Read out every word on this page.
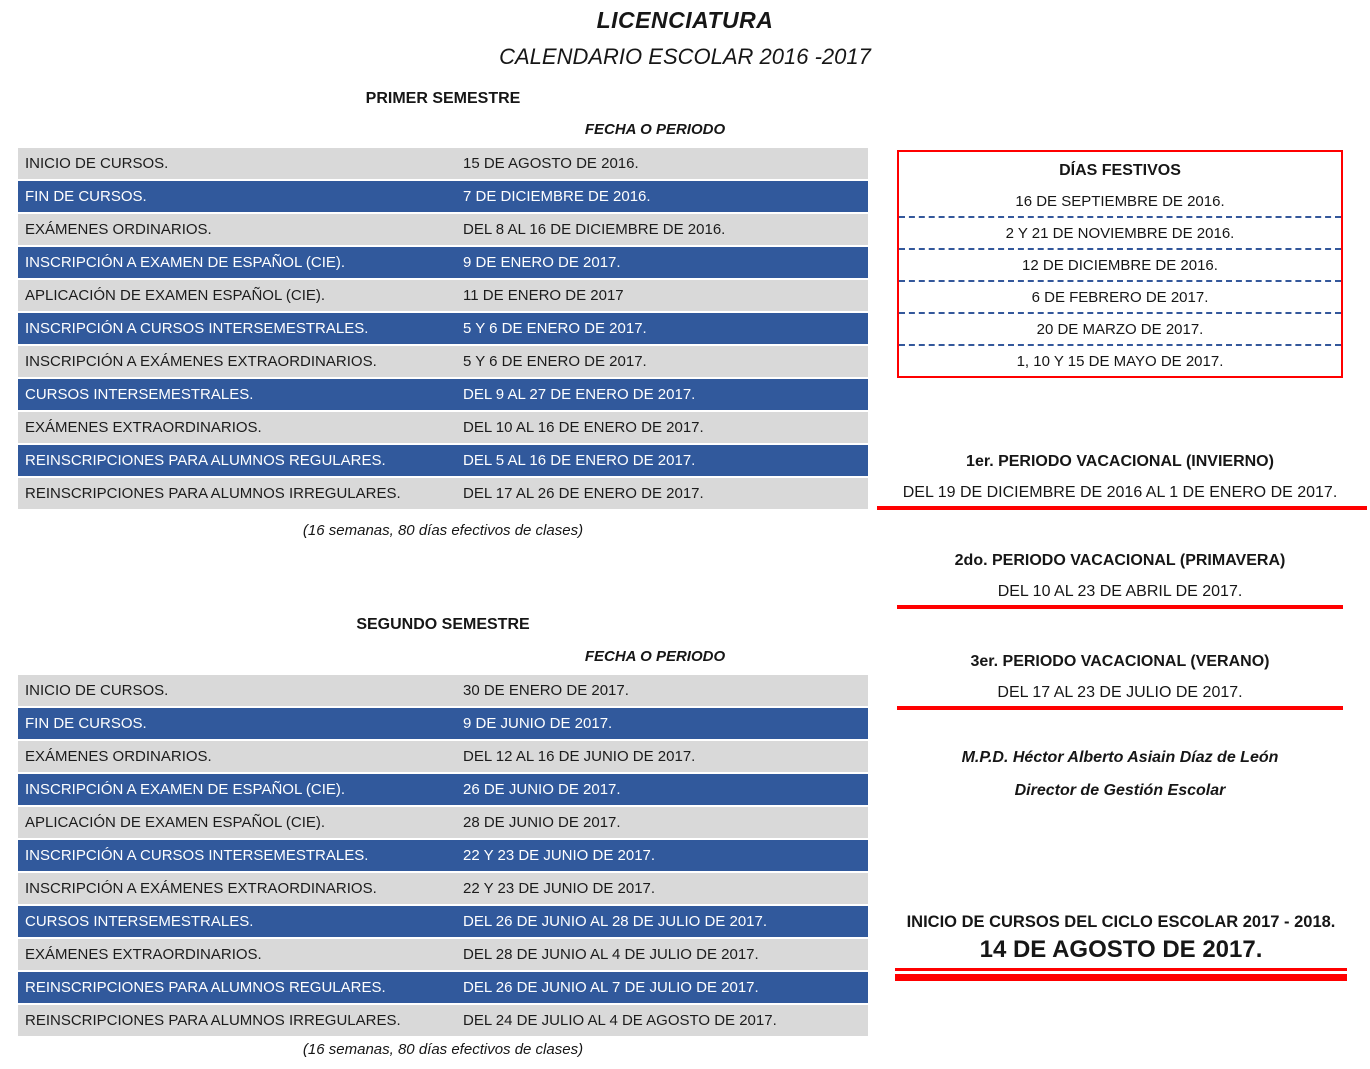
LICENCIATURA
CALENDARIO ESCOLAR 2016 -2017
PRIMER SEMESTRE
FECHA O PERIODO
INICIO DE CURSOS.	15 DE AGOSTO DE 2016.
FIN DE CURSOS.	7 DE DICIEMBRE DE 2016.
EXÁMENES ORDINARIOS.	DEL 8 AL 16 DE DICIEMBRE DE 2016.
INSCRIPCIÓN A EXAMEN DE ESPAÑOL (CIE).	9 DE ENERO DE 2017.
APLICACIÓN DE EXAMEN ESPAÑOL (CIE).	11 DE ENERO DE 2017
INSCRIPCIÓN A CURSOS INTERSEMESTRALES.	5 Y 6 DE ENERO DE 2017.
INSCRIPCIÓN A EXÁMENES EXTRAORDINARIOS.	5 Y 6 DE ENERO DE 2017.
CURSOS INTERSEMESTRALES.	DEL 9 AL 27 DE ENERO DE 2017.
EXÁMENES EXTRAORDINARIOS.	DEL 10 AL 16 DE ENERO DE 2017.
REINSCRIPCIONES PARA ALUMNOS REGULARES.	DEL 5 AL 16 DE ENERO DE 2017.
REINSCRIPCIONES PARA ALUMNOS IRREGULARES.	DEL 17 AL 26 DE ENERO DE 2017.
(16 semanas, 80 días efectivos de clases)
SEGUNDO SEMESTRE
FECHA O PERIODO
INICIO DE CURSOS.	30 DE ENERO DE 2017.
FIN DE CURSOS.	9 DE JUNIO DE 2017.
EXÁMENES ORDINARIOS.	DEL 12 AL 16 DE JUNIO DE 2017.
INSCRIPCIÓN A EXAMEN DE ESPAÑOL (CIE).	26 DE JUNIO DE 2017.
APLICACIÓN DE EXAMEN ESPAÑOL (CIE).	28 DE JUNIO DE 2017.
INSCRIPCIÓN A CURSOS INTERSEMESTRALES.	22 Y 23 DE JUNIO DE 2017.
INSCRIPCIÓN A EXÁMENES EXTRAORDINARIOS.	22 Y 23 DE JUNIO DE 2017.
CURSOS INTERSEMESTRALES.	DEL 26 DE JUNIO AL 28 DE JULIO DE 2017.
EXÁMENES EXTRAORDINARIOS.	DEL 28 DE JUNIO AL 4 DE JULIO DE 2017.
REINSCRIPCIONES PARA ALUMNOS REGULARES.	DEL 26 DE JUNIO AL 7 DE JULIO DE 2017.
REINSCRIPCIONES PARA ALUMNOS IRREGULARES.	DEL 24 DE JULIO AL 4 DE AGOSTO DE 2017.
(16 semanas, 80 días efectivos de clases)
DÍAS FESTIVOS
16 DE SEPTIEMBRE DE 2016.
2 Y 21 DE NOVIEMBRE DE 2016.
12 DE DICIEMBRE DE 2016.
6 DE FEBRERO DE 2017.
20 DE MARZO DE 2017.
1, 10 Y 15 DE MAYO DE 2017.
1er. PERIODO VACACIONAL (INVIERNO)
DEL 19 DE DICIEMBRE DE 2016 AL 1 DE ENERO DE 2017.
2do. PERIODO VACACIONAL (PRIMAVERA)
DEL 10 AL 23 DE ABRIL DE 2017.
3er. PERIODO VACACIONAL (VERANO)
DEL 17 AL 23 DE JULIO DE 2017.
M.P.D. Héctor Alberto Asiain Díaz de León
Director de Gestión Escolar
INICIO DE CURSOS DEL CICLO ESCOLAR 2017 - 2018.
14 DE AGOSTO DE 2017.
